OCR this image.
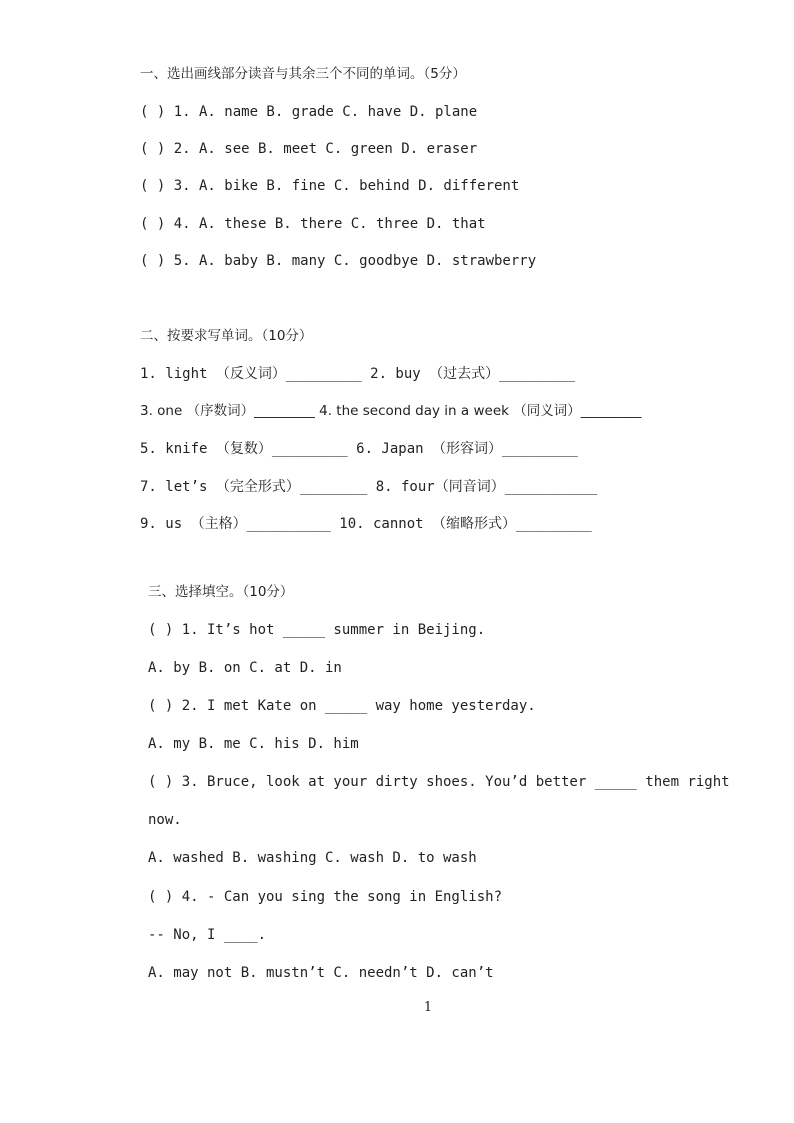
一、选出画线部分读音与其余三个不同的单词。（5分）
( ) 1. A. name B. grade C. have D. plane
( ) 2. A. see B. meet C. green D. eraser
( ) 3. A. bike B. fine C. behind D. different
( ) 4. A. these B. there C. three D. that
( ) 5. A. baby B. many C. goodbye D. strawberry
二、按要求写单词。（10分）
1. light （反义词）_________ 2. buy （过去式）_________
3. one （序数词）_________ 4. the second day in a week （同义词）_________
5. knife （复数）_________ 6. Japan （形容词）_________
7. let’s （完全形式）________ 8. four（同音词）___________
9. us （主格）__________ 10. cannot （缩略形式）_________
三、选择填空。（10分）
( ) 1. It’s hot _____ summer in Beijing.
A. by B. on C. at D. in
( ) 2. I met Kate on _____ way home yesterday.
A. my B. me C. his D. him
( ) 3. Bruce, look at your dirty shoes. You’d better _____ them right
now.
A. washed B. washing C. wash D. to wash
( ) 4. - Can you sing the song in English?
-- No, I ____.
A. may not B. mustn’t C. needn’t D. can’t
1
